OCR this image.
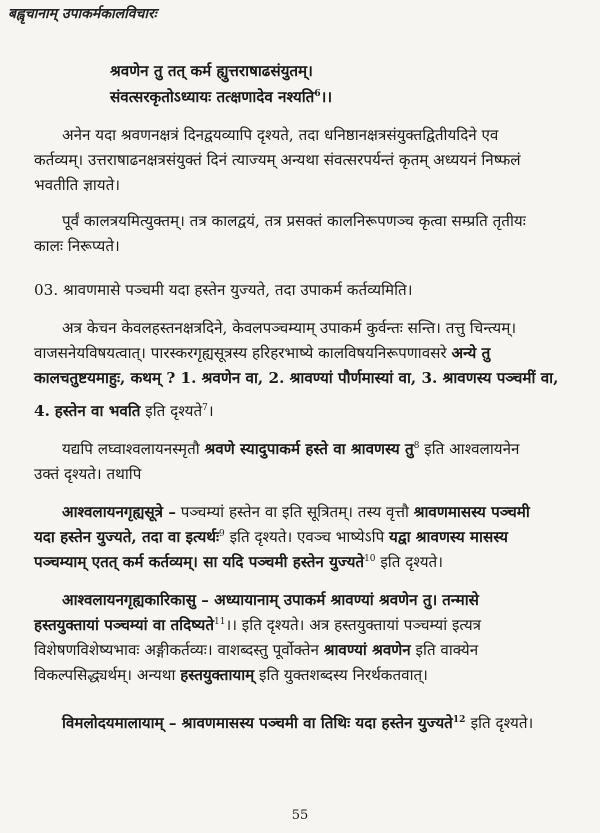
बह्वृचानाम् उपाकर्मकालविचारः
श्रवणेन तु तत् कर्म ह्युत्तराषाढसंयुतम्।
संवत्सरकृतोऽध्यायः तत्क्षणादेव नश्यति$^6$।।
अनेन यदा श्रवणनक्षत्रं दिनद्वयव्यापि दृश्यते, तदा धनिष्ठानक्षत्रसंयुक्तद्वितीयदिने एव
कर्तव्यम्। उत्तराषाढनक्षत्रसंयुक्तं दिनं त्याज्यम् अन्यथा संवत्सरपर्यन्तं कृतम् अध्ययनं निष्फलं
भवतीति ज्ञायते।
पूर्वं कालत्रयमित्युक्तम्। तत्र कालद्वयं, तत्र प्रसक्तं कालनिरूपणञ्च कृत्वा सम्प्रति तृतीयः
कालः निरूप्यते।
03. श्रावणमासे पञ्चमी यदा हस्तेन युज्यते, तदा उपाकर्म कर्तव्यमिति।
अत्र केचन केवलहस्तनक्षत्रदिने, केवलपञ्चम्याम् उपाकर्म कुर्वन्तः सन्ति। तत्तु चिन्त्यम्।
वाजसनेयविषयत्वात्। पारस्करगृह्यसूत्रस्य हरिहरभाष्ये कालविषयनिरूपणावसरे अन्ये तु
कालचतुष्टयमाहुः, कथम् ? 1. श्रवणेन वा, 2. श्रावण्यां पौर्णमास्यां वा, 3. श्रावणस्य पञ्चमीं वा,
4. हस्तेन वा भवति इति दृश्यते$^7$।
यद्यपि लघ्वाश्वलायनस्मृतौ श्रवणे स्यादुपाकर्म हस्ते वा श्रावणस्य तु$^8$ इति आश्वलायनेन
उक्तं दृश्यते। तथापि
आश्वलायनगृह्यसूत्रे – पञ्चम्यां हस्तेन वा इति सूत्रितम्। तस्य वृत्तौ श्रावणमासस्य पञ्चमी
यदा हस्तेन युज्यते, तदा वा इत्यर्थः$^9$ इति दृश्यते। एवञ्च भाष्येऽपि यद्वा श्रावणस्य मासस्य
पञ्चम्याम् एतत् कर्म कर्तव्यम्। सा यदि पञ्चमी हस्तेन युज्यते$^{10}$ इति दृश्यते।
आश्वलायनगृह्यकारिकासु – अध्यायानाम् उपाकर्म श्रावण्यां श्रवणेन तु। तन्मासे
हस्तयुक्तायां पञ्चम्यां वा तदिष्यते$^{11}$।। इति दृश्यते। अत्र हस्तयुक्तायां पञ्चम्यां इत्यत्र
विशेषणविशेष्यभावः अङ्गीकर्तव्यः। वाशब्दस्तु पूर्वोक्तेन श्रावण्यां श्रवणेन इति वाक्येन
विकल्पसिद्ध्यर्थम्। अन्यथा हस्तयुक्तायाम् इति युक्तशब्दस्य निरर्थकतवात्।
विमलोदयमालायाम् – श्रावणमासस्य पञ्चमी वा तिथिः यदा हस्तेन युज्यते$^{12}$ इति दृश्यते।
55
